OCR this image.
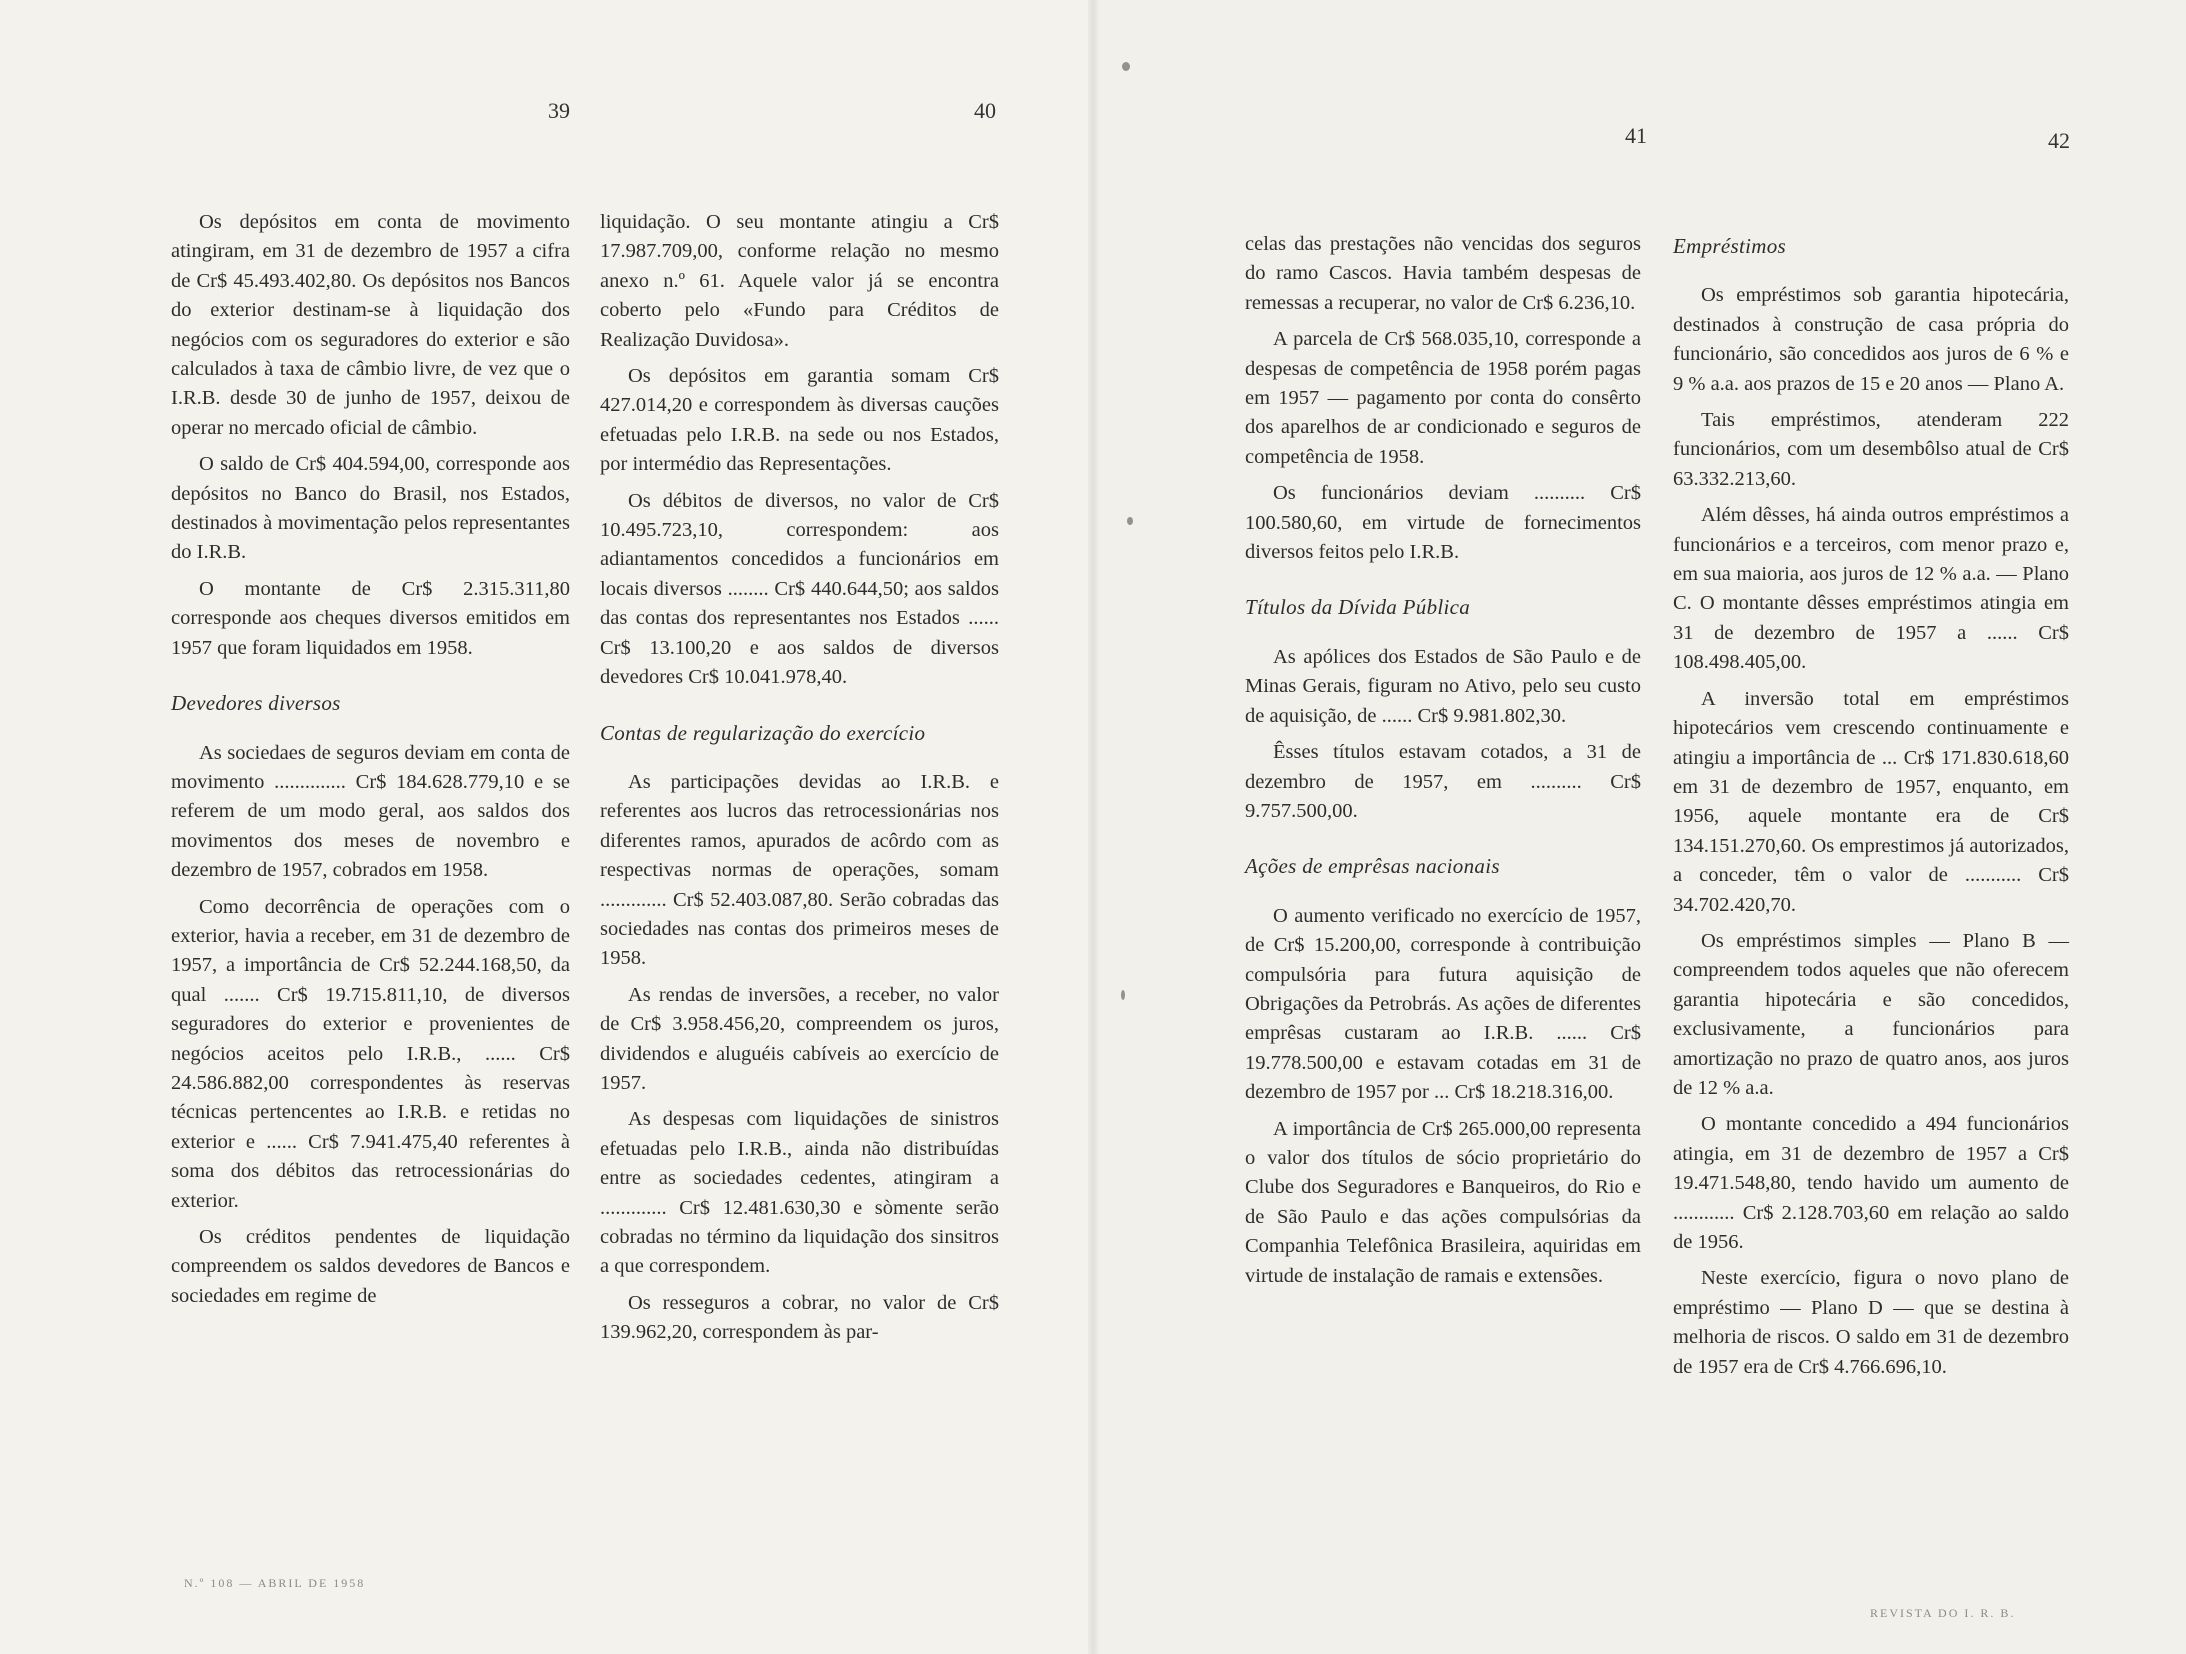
39	40
41	42

Os depósitos em conta de movimento atingiram, em 31 de dezembro de 1957 a cifra de Cr$ 45.493.402,80. Os depósitos nos Bancos do exterior destinam-se à liquidação dos negócios com os seguradores do exterior e são calculados à taxa de câmbio livre, de vez que o I.R.B. desde 30 de junho de 1957, deixou de operar no mercado oficial de câmbio.

O saldo de Cr$ 404.594,00, corresponde aos depósitos no Banco do Brasil, nos Estados, destinados à movimentação pelos representantes do I.R.B.

O montante de Cr$ 2.315.311,80 corresponde aos cheques diversos emitidos em 1957 que foram liquidados em 1958.

Devedores diversos

As sociedaes de seguros deviam em conta de movimento .............. Cr$ 184.628.779,10 e se referem de um modo geral, aos saldos dos movimentos dos meses de novembro e dezembro de 1957, cobrados em 1958.

Como decorrência de operações com o exterior, havia a receber, em 31 de dezembro de 1957, a importância de Cr$ 52.244.168,50, da qual ....... Cr$ 19.715.811,10, de diversos seguradores do exterior e provenientes de negócios aceitos pelo I.R.B., ...... Cr$ 24.586.882,00 correspondentes às reservas técnicas pertencentes ao I.R.B. e retidas no exterior e ...... Cr$ 7.941.475,40 referentes à soma dos débitos das retrocessionárias do exterior.

Os créditos pendentes de liquidação compreendem os saldos devedores de Bancos e sociedades em regime de

liquidação. O seu montante atingiu a Cr$ 17.987.709,00, conforme relação no mesmo anexo n.º 61. Aquele valor já se encontra coberto pelo «Fundo para Créditos de Realização Duvidosa».

Os depósitos em garantia somam Cr$ 427.014,20 e correspondem às diversas cauções efetuadas pelo I.R.B. na sede ou nos Estados, por intermédio das Representações.

Os débitos de diversos, no valor de Cr$ 10.495.723,10, correspondem: aos adiantamentos concedidos a funcionários em locais diversos ........ Cr$ 440.644,50; aos saldos das contas dos representantes nos Estados ...... Cr$ 13.100,20 e aos saldos de diversos devedores Cr$ 10.041.978,40.

Contas de regularização do exercício

As participações devidas ao I.R.B. e referentes aos lucros das retrocessionárias nos diferentes ramos, apurados de acôrdo com as respectivas normas de operações, somam ............. Cr$ 52.403.087,80. Serão cobradas das sociedades nas contas dos primeiros meses de 1958.

As rendas de inversões, a receber, no valor de Cr$ 3.958.456,20, compreendem os juros, dividendos e aluguéis cabíveis ao exercício de 1957.

As despesas com liquidações de sinistros efetuadas pelo I.R.B., ainda não distribuídas entre as sociedades cedentes, atingiram a ............. Cr$ 12.481.630,30 e sòmente serão cobradas no término da liquidação dos sinsitros a que correspondem.

Os resseguros a cobrar, no valor de Cr$ 139.962,20, correspondem às par-

celas das prestações não vencidas dos seguros do ramo Cascos. Havia também despesas de remessas a recuperar, no valor de Cr$ 6.236,10.

A parcela de Cr$ 568.035,10, corresponde a despesas de competência de 1958 porém pagas em 1957 — pagamento por conta do consêrto dos aparelhos de ar condicionado e seguros de competência de 1958.

Os funcionários deviam .......... Cr$ 100.580,60, em virtude de fornecimentos diversos feitos pelo I.R.B.

Títulos da Dívida Pública

As apólices dos Estados de São Paulo e de Minas Gerais, figuram no Ativo, pelo seu custo de aquisição, de ...... Cr$ 9.981.802,30.

Êsses títulos estavam cotados, a 31 de dezembro de 1957, em .......... Cr$ 9.757.500,00.

Ações de emprêsas nacionais

O aumento verificado no exercício de 1957, de Cr$ 15.200,00, corresponde à contribuição compulsória para futura aquisição de Obrigações da Petrobrás. As ações de diferentes emprêsas custaram ao I.R.B. ...... Cr$ 19.778.500,00 e estavam cotadas em 31 de dezembro de 1957 por ... Cr$ 18.218.316,00.

A importância de Cr$ 265.000,00 representa o valor dos títulos de sócio proprietário do Clube dos Seguradores e Banqueiros, do Rio e de São Paulo e das ações compulsórias da Companhia Telefônica Brasileira, aquiridas em virtude de instalação de ramais e extensões.

Empréstimos

Os empréstimos sob garantia hipotecária, destinados à construção de casa própria do funcionário, são concedidos aos juros de 6 % e 9 % a.a. aos prazos de 15 e 20 anos — Plano A.

Tais empréstimos, atenderam 222 funcionários, com um desembôlso atual de Cr$ 63.332.213,60.

Além dêsses, há ainda outros empréstimos a funcionários e a terceiros, com menor prazo e, em sua maioria, aos juros de 12 % a.a. — Plano C. O montante dêsses empréstimos atingia em 31 de dezembro de 1957 a ...... Cr$ 108.498.405,00.

A inversão total em empréstimos hipotecários vem crescendo continuamente e atingiu a importância de ... Cr$ 171.830.618,60 em 31 de dezembro de 1957, enquanto, em 1956, aquele montante era de Cr$ 134.151.270,60. Os emprestimos já autorizados, a conceder, têm o valor de ........... Cr$ 34.702.420,70.

Os empréstimos simples — Plano B — compreendem todos aqueles que não oferecem garantia hipotecária e são concedidos, exclusivamente, a funcionários para amortização no prazo de quatro anos, aos juros de 12 % a.a.

O montante concedido a 494 funcionários atingia, em 31 de dezembro de 1957 a Cr$ 19.471.548,80, tendo havido um aumento de ............ Cr$ 2.128.703,60 em relação ao saldo de 1956.

Neste exercício, figura o novo plano de empréstimo — Plano D — que se destina à melhoria de riscos. O saldo em 31 de dezembro de 1957 era de Cr$ 4.766.696,10.

N.º 108 — ABRIL DE 1958
REVISTA DO I. R. B.
